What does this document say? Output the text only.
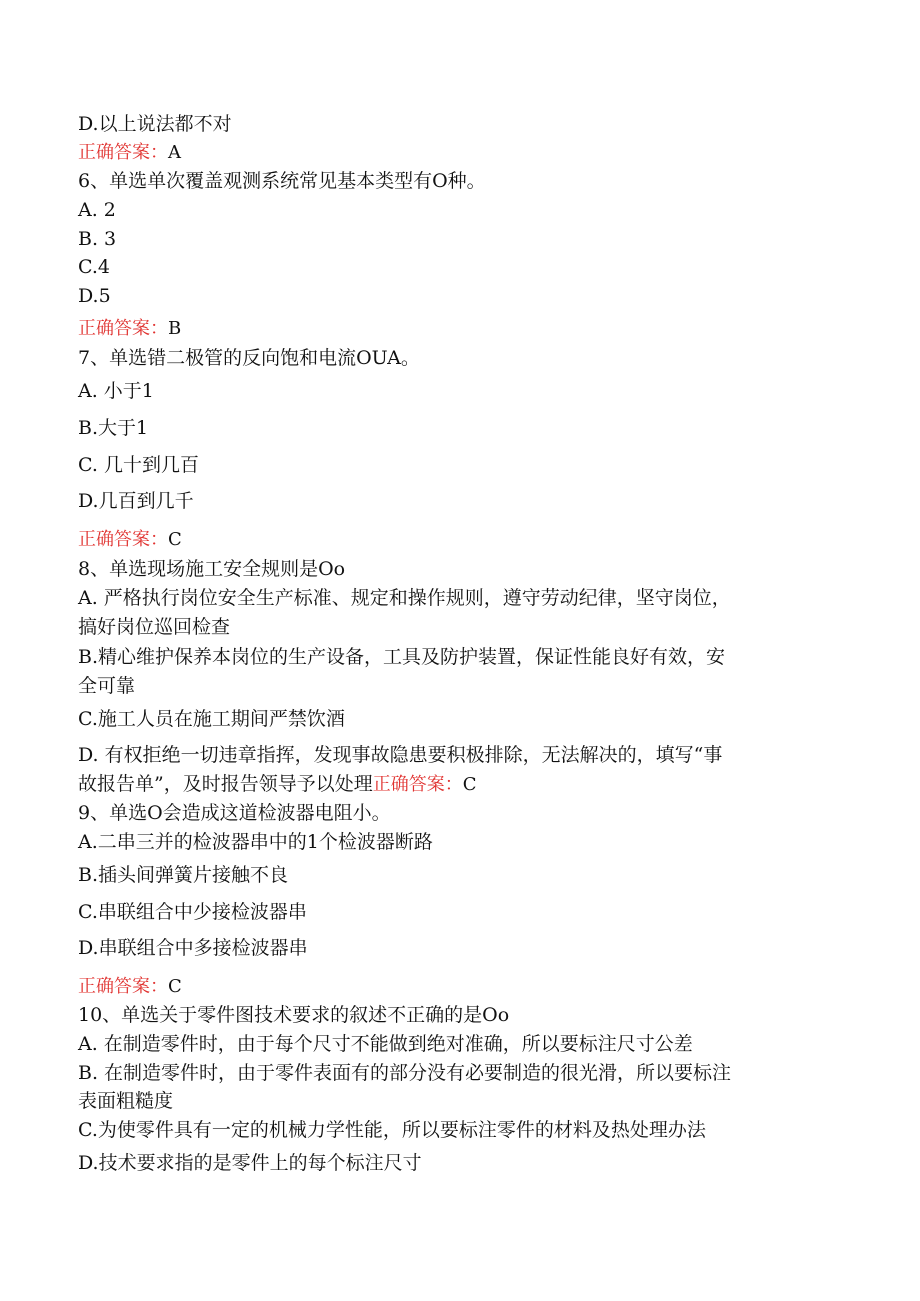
D.以上说法都不对
正确答案：A
6、单选单次覆盖观测系统常见基本类型有O种。
A. 2
B. 3
C.4
D.5
正确答案：B
7、单选错二极管的反向饱和电流OUA。
A. 小于1
B.大于1
C. 几十到几百
D.几百到几千
正确答案：C
8、单选现场施工安全规则是Oo
A. 严格执行岗位安全生产标准、规定和操作规则，遵守劳动纪律，坚守岗位，
搞好岗位巡回检查
B.精心维护保养本岗位的生产设备，工具及防护装置，保证性能良好有效，安
全可靠
C.施工人员在施工期间严禁饮酒
D. 有权拒绝一切违章指挥，发现事故隐患要积极排除，无法解决的，填写“事
故报告单”，及时报告领导予以处理正确答案：C
9、单选O会造成这道检波器电阻小。
A.二串三并的检波器串中的1个检波器断路
B.插头间弹簧片接触不良
C.串联组合中少接检波器串
D.串联组合中多接检波器串
正确答案：C
10、单选关于零件图技术要求的叙述不正确的是Oo
A. 在制造零件时，由于每个尺寸不能做到绝对准确，所以要标注尺寸公差
B. 在制造零件时，由于零件表面有的部分没有必要制造的很光滑，所以要标注
表面粗糙度
C.为使零件具有一定的机械力学性能，所以要标注零件的材料及热处理办法
D.技术要求指的是零件上的每个标注尺寸
